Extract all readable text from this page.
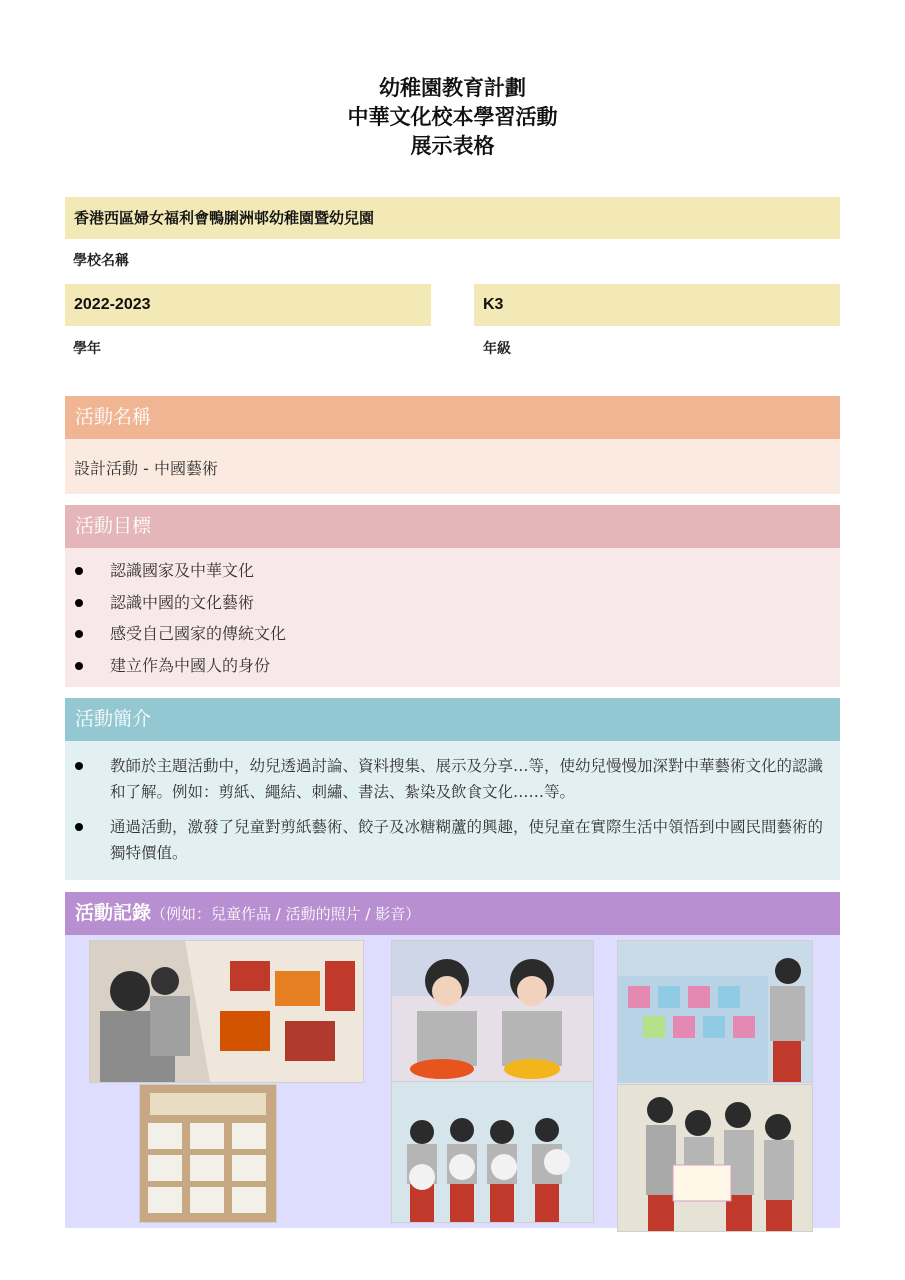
幼稚園教育計劃
中華文化校本學習活動
展示表格
香港西區婦女福利會鴨脷洲邨幼稚園暨幼兒園
學校名稱
2022-2023
學年
K3
年級
活動名稱
設計活動 - 中國藝術
活動目標
認識國家及中華文化
認識中國的文化藝術
感受自己國家的傳統文化
建立作為中國人的身份
活動簡介
教師於主題活動中，幼兒透過討論、資料搜集、展示及分享…等，使幼兒慢慢加深對中華藝術文化的認識和了解。例如：剪紙、繩結、刺繡、書法、紮染及飲食文化……等。
通過活動，激發了兒童對剪紙藝術、餃子及冰糖糊蘆的興趣，使兒童在實際生活中領悟到中國民間藝術的獨特價值。
活動記錄（例如：兒童作品 / 活動的照片 / 影音）
